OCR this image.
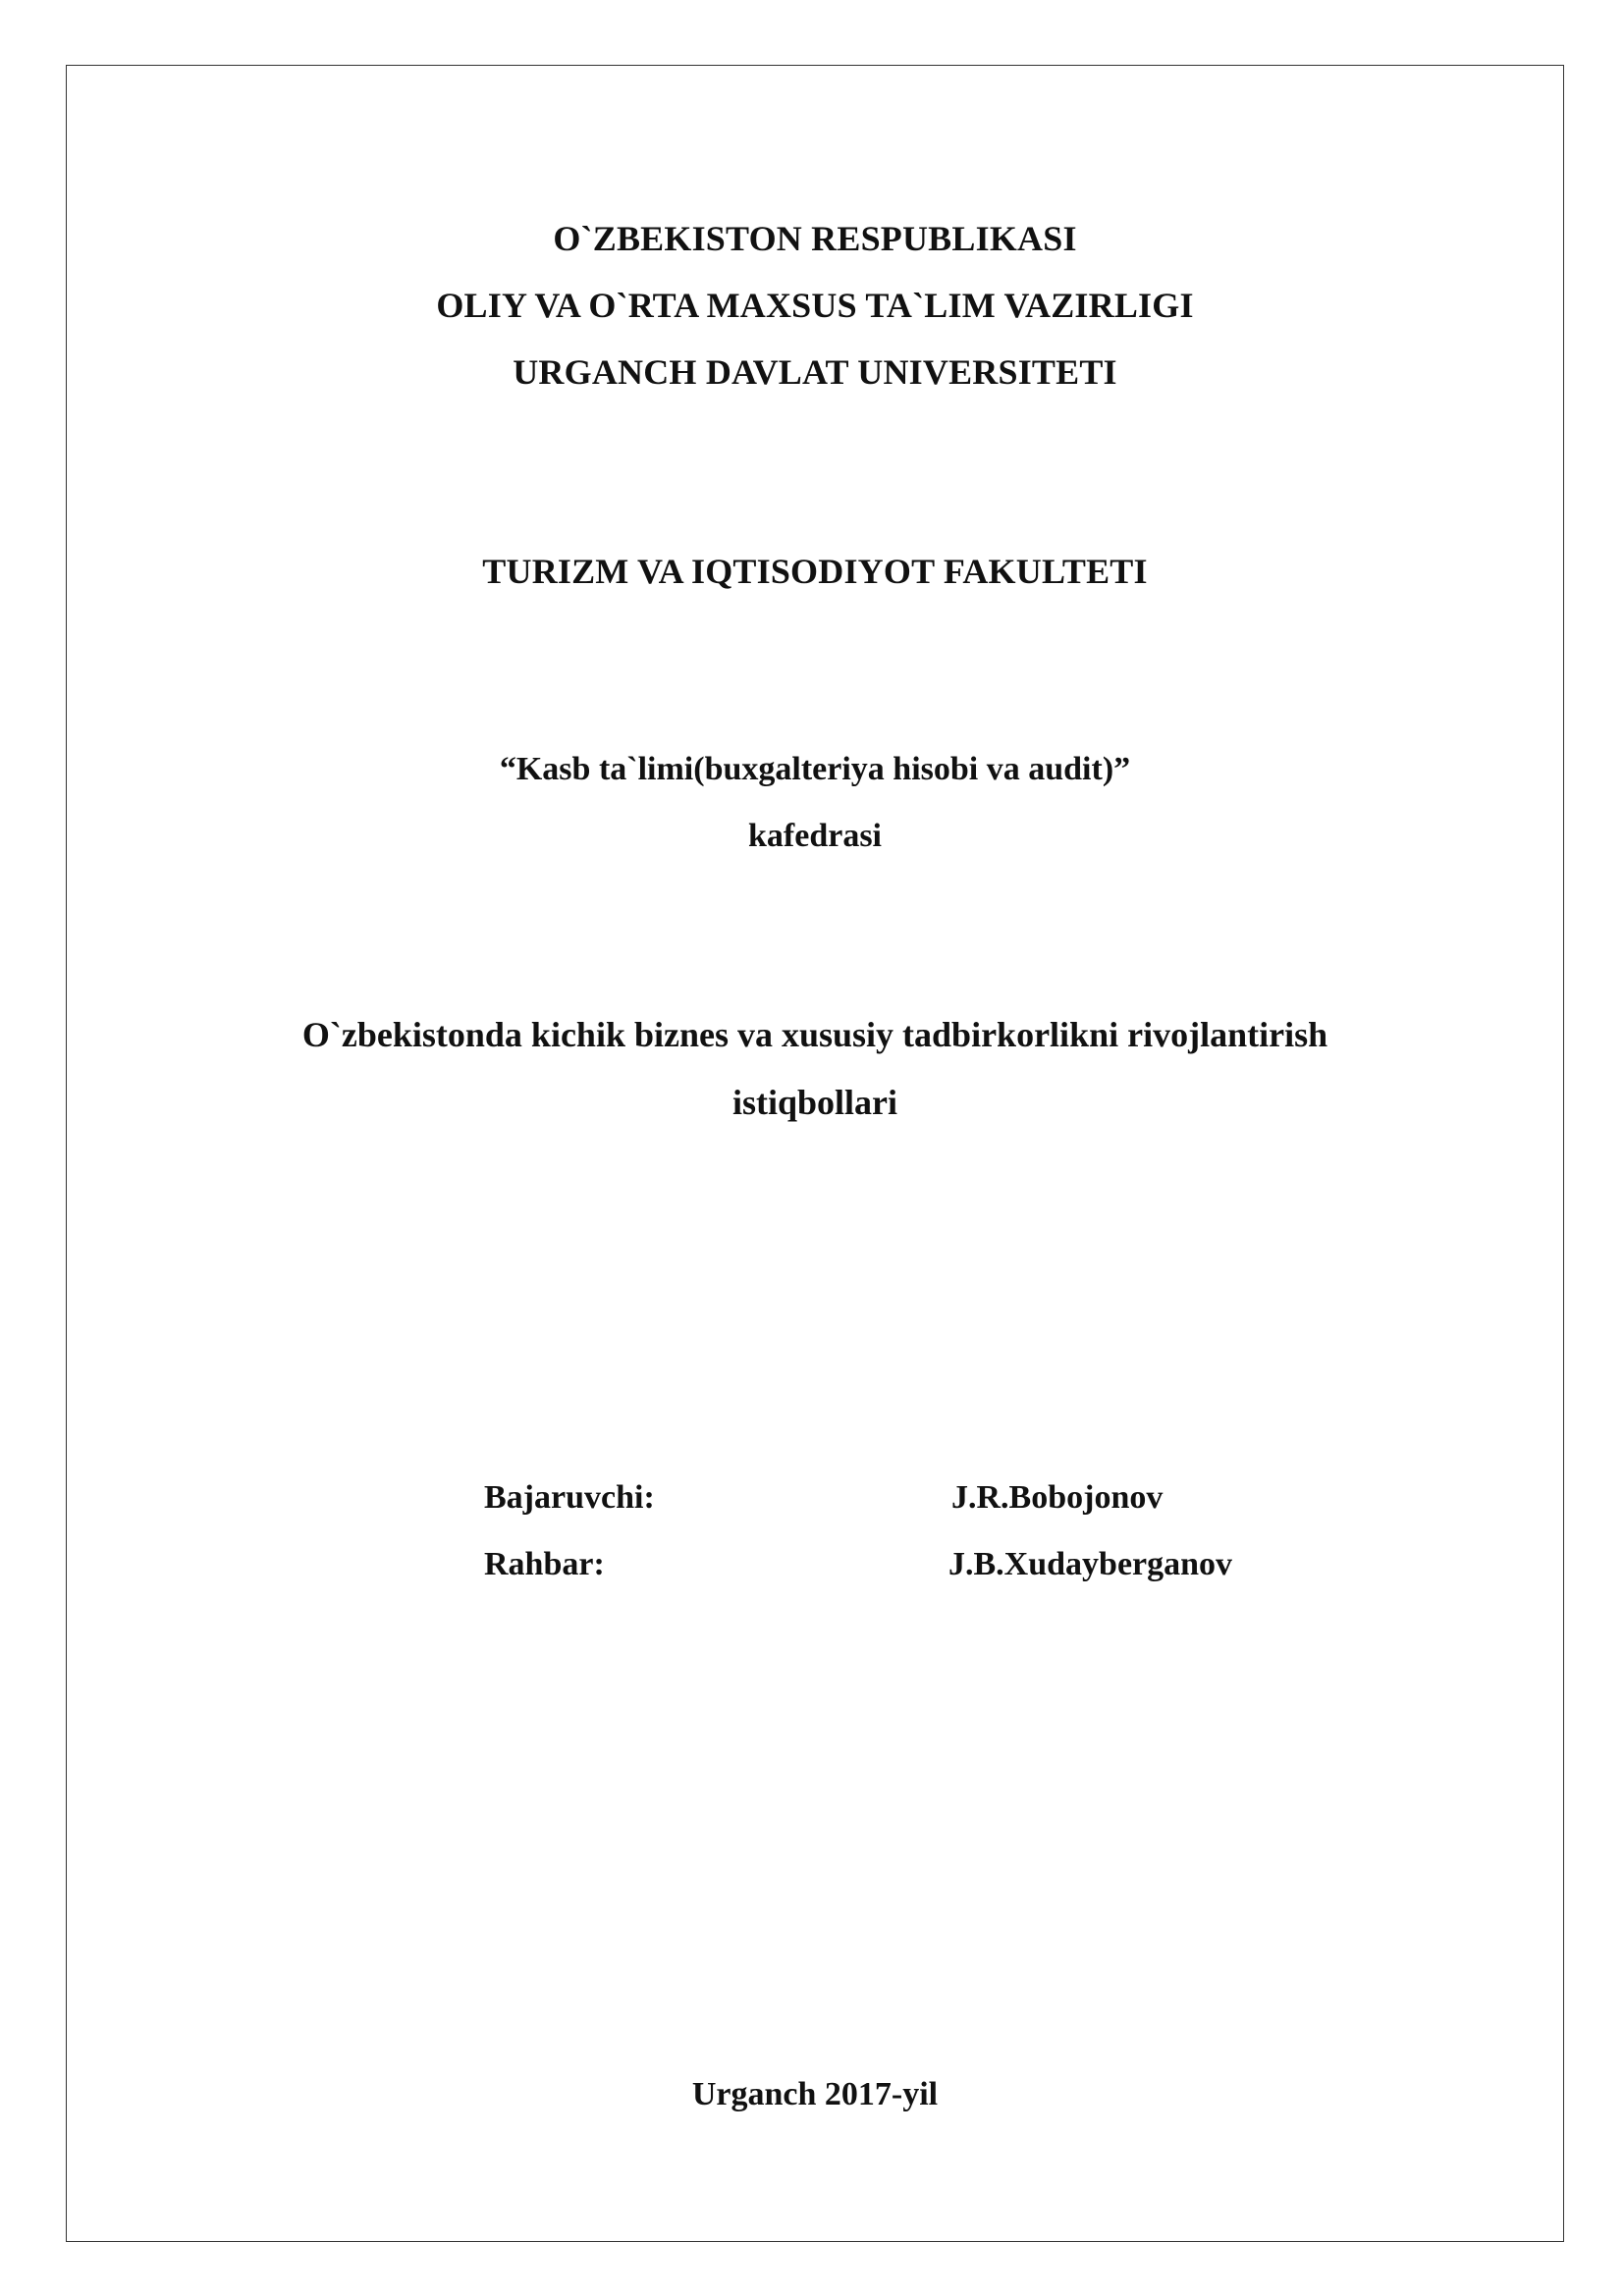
O`ZBEKISTON RESPUBLIKASI
OLIY VA O`RTA MAXSUS TA`LIM VAZIRLIGI
URGANCH DAVLAT UNIVERSITETI
TURIZM VA IQTISODIYOT FAKULTETI
“Kasb ta`limi(buxgalteriya hisobi va audit)”
kafedrasi
O`zbekistonda kichik biznes va xususiy tadbirkorlikni rivojlantirish
istiqbollari
Bajaruvchi:	J.R.Bobojonov
Rahbar:	J.B.Xudayberganov
Urganch 2017-yil
